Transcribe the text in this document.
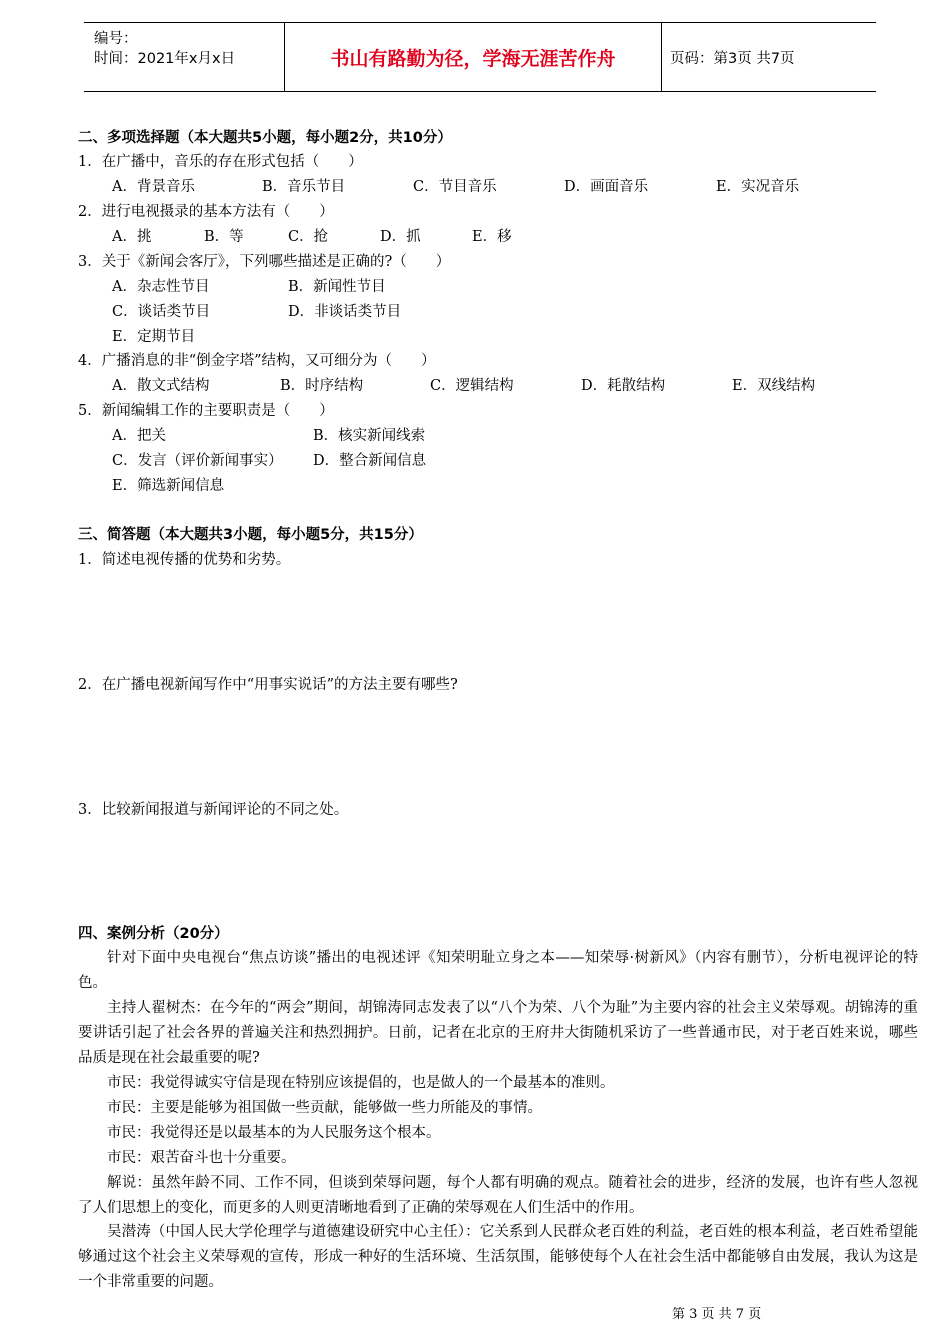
编号：
时间：2021年x月x日	书山有路勤为径，学海无涯苦作舟	页码：第3页 共7页
二、多项选择题（本大题共5小题，每小题2分，共10分）
1．在广播中，音乐的存在形式包括（　　）
A．背景音乐	B．音乐节目	C．节目音乐	D．画面音乐	E．实况音乐
2．进行电视摄录的基本方法有（　　）
A．挑	B．等	C．抢	D．抓	E．移
3．关于《新闻会客厅》，下列哪些描述是正确的?（　　）
A．杂志性节目	B．新闻性节目
C．谈话类节目	D．非谈话类节目
E．定期节目
4．广播消息的非“倒金字塔”结构，又可细分为（　　）
A．散文式结构	B．时序结构	C．逻辑结构	D．耗散结构	E．双线结构
5．新闻编辑工作的主要职责是（　　）
A．把关	B．核实新闻线索
C．发言（评价新闻事实） D．整合新闻信息
E．筛选新闻信息
三、简答题（本大题共3小题，每小题5分，共15分）
1．简述电视传播的优势和劣势。
2．在广播电视新闻写作中“用事实说话”的方法主要有哪些?
3．比较新闻报道与新闻评论的不同之处。
四、案例分析（20分）
针对下面中央电视台“焦点访谈”播出的电视述评《知荣明耻立身之本——知荣辱·树新风》（内容有删节），分析电视评论的特色。
主持人翟树杰：在今年的“两会”期间，胡锦涛同志发表了以“八个为荣、八个为耻”为主要内容的社会主义荣辱观。胡锦涛的重要讲话引起了社会各界的普遍关注和热烈拥护。日前，记者在北京的王府井大街随机采访了一些普通市民，对于老百姓来说，哪些品质是现在社会最重要的呢?
市民：我觉得诚实守信是现在特别应该提倡的，也是做人的一个最基本的准则。
市民：主要是能够为祖国做一些贡献，能够做一些力所能及的事情。
市民：我觉得还是以最基本的为人民服务这个根本。
市民：艰苦奋斗也十分重要。
解说：虽然年龄不同、工作不同，但谈到荣辱问题，每个人都有明确的观点。随着社会的进步，经济的发展，也许有些人忽视了人们思想上的变化，而更多的人则更清晰地看到了正确的荣辱观在人们生活中的作用。
吴潜涛（中国人民大学伦理学与道德建设研究中心主任）：它关系到人民群众老百姓的利益，老百姓的根本利益，老百姓希望能够通过这个社会主义荣辱观的宣传，形成一种好的生活环境、生活氛围，能够使每个人在社会生活中都能够自由发展，我认为这是一个非常重要的问题。
第 3 页 共 7 页
